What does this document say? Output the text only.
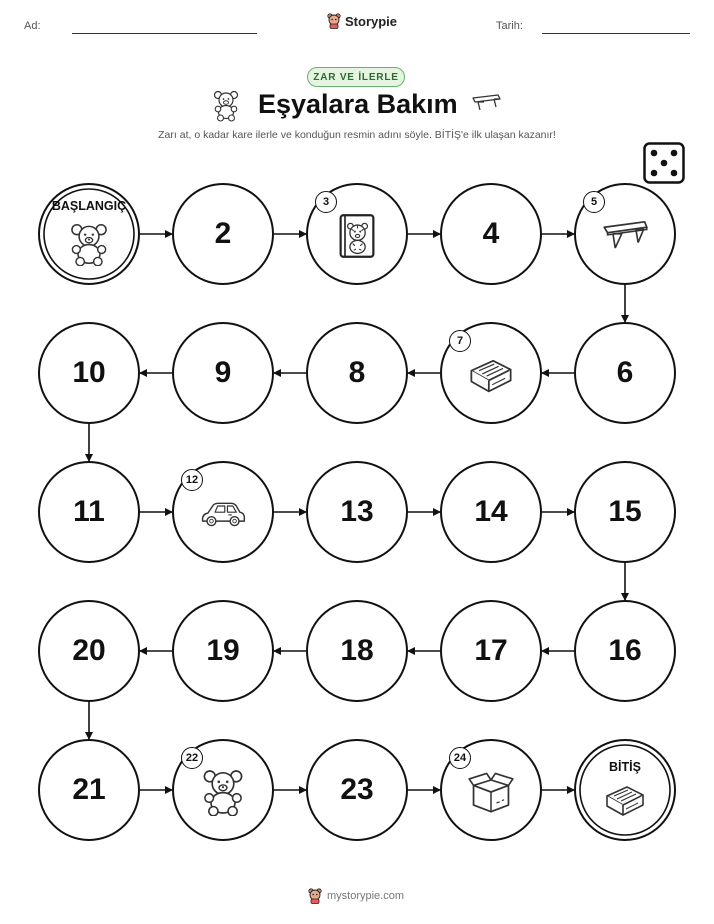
Ad:	Storypie	Tarih:
ZAR VE İLERLE
Eşyalara Bakım
Zarı at, o kadar kare ilerle ve konduğun resmin adını söyle. BİTİŞ'e ilk ulaşan kazanır!
BAŞLANGIÇ
2
3
4
5
6
7
8
9
10
11
12
13	14	15
16
17
18
19
20
21
22
23
24
BİTİŞ
mystorypie.com
